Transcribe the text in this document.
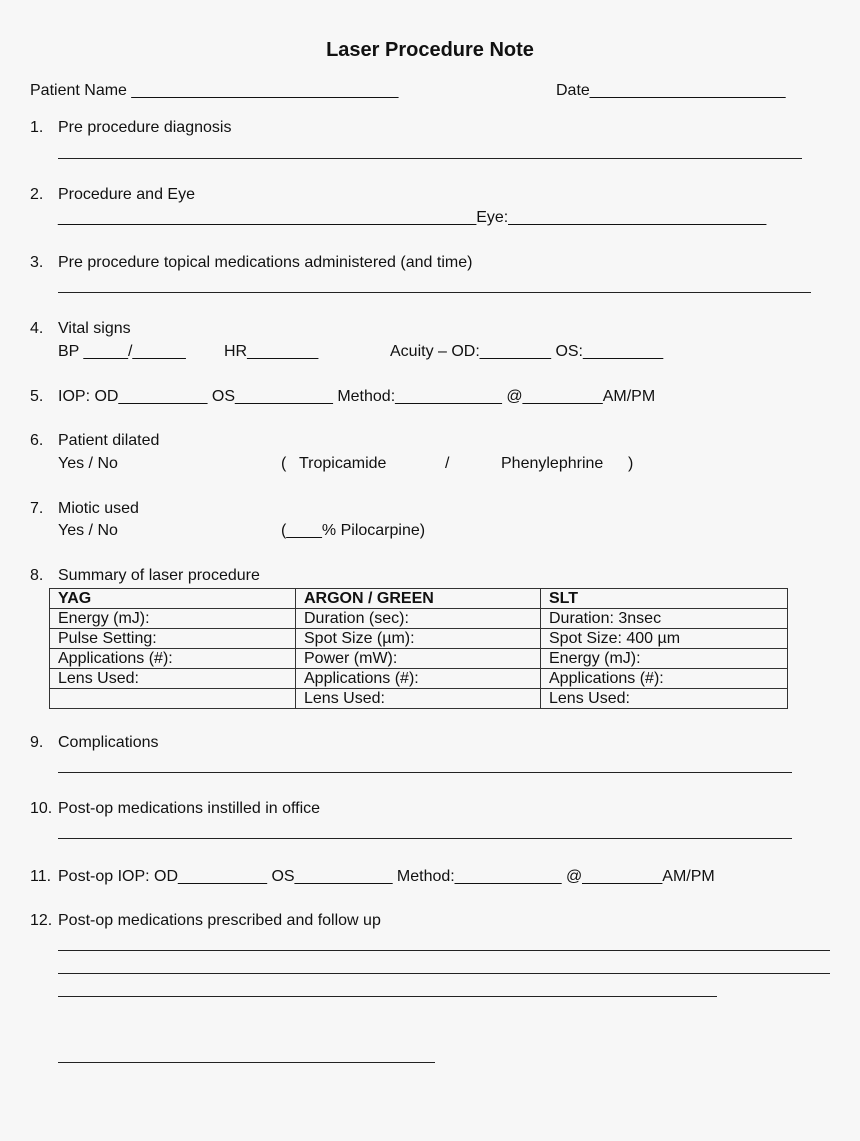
Laser Procedure Note
Patient Name ______________________________	Date______________________
1. Pre procedure diagnosis
2. Procedure and Eye
_______________________________________________Eye:_____________________________
3. Pre procedure topical medications administered (and time)
4. Vital signs
BP _____/______ HR________	Acuity – OD:________ OS:_________
5. IOP: OD__________ OS___________ Method:____________ @_________AM/PM
6. Patient dilated
Yes / No	( Tropicamide	/	Phenylephrine )
7. Miotic used
Yes / No	(____% Pilocarpine)
8. Summary of laser procedure
YAG	ARGON / GREEN	SLT
Energy (mJ):	Duration (sec):	Duration: 3nsec
Pulse Setting:	Spot Size (µm):	Spot Size: 400 µm
Applications (#):	Power (mW):	Energy (mJ):
Lens Used:	Applications (#):	Applications (#):
	Lens Used:	Lens Used:
9. Complications
10. Post-op medications instilled in office
11. Post-op IOP: OD__________ OS___________ Method:____________ @_________AM/PM
12. Post-op medications prescribed and follow up
